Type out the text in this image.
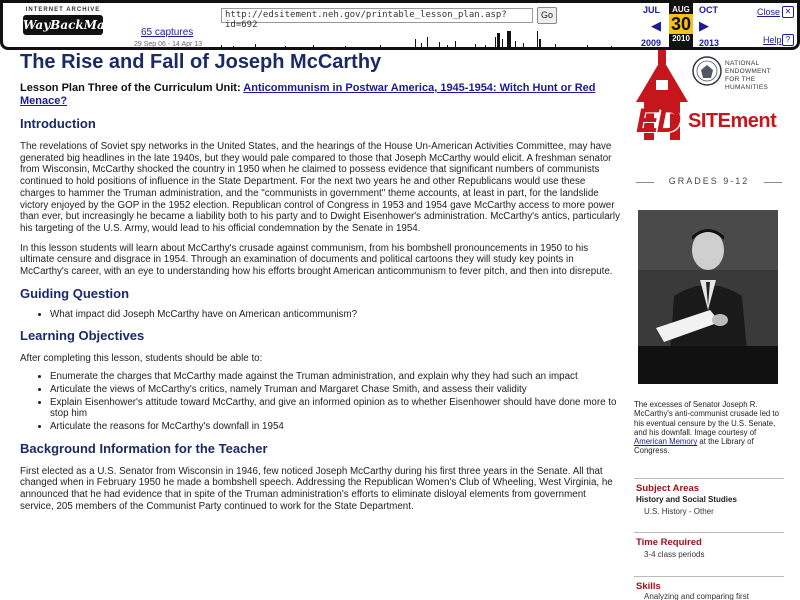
INTERNET ARCHIVE
WayBackMachine
65 captures
29 Sep 06 - 14 Apr 13
http://edsitement.neh.gov/printable_lesson_plan.asp?id=692
Go	JUL
◀
AUG
30
2010
▶
OCT
2009	2013
Close ✕
Help ?
The Rise and Fall of Joseph McCarthy
Lesson Plan Three of the Curriculum Unit: Anticommunism in Postwar America, 1945-1954: Witch Hunt or Red Menace?
Introduction

The revelations of Soviet spy networks in the United States, and the hearings of the House Un-American Activities Committee, may have generated big headlines in the late 1940s, but they would pale compared to those that Joseph McCarthy would elicit. A freshman senator from Wisconsin, McCarthy shocked the country in 1950 when he claimed to possess evidence that significant numbers of communists continued to hold positions of influence in the State Department. For the next two years he and other Republicans would use these charges to hammer the Truman administration, and the "communists in government" theme accounts, at least in part, for the landslide victory enjoyed by the GOP in the 1952 election. Republican control of Congress in 1953 and 1954 gave McCarthy access to more power than ever, but increasingly he became a liability both to his party and to Dwight Eisenhower's administration. McCarthy's antics, particularly his targeting of the U.S. Army, would lead to his official condemnation by the Senate in 1954.

In this lesson students will learn about McCarthy's crusade against communism, from his bombshell pronouncements in 1950 to his ultimate censure and disgrace in 1954. Through an examination of documents and political cartoons they will study key points in McCarthy's career, with an eye to understanding how his efforts brought American anticommunism to fever pitch, and then into disrepute.

Guiding Question
• What impact did Joseph McCarthy have on American anticommunism?
Learning Objectives

After completing this lesson, students should be able to:

• Enumerate the charges that McCarthy made against the Truman administration, and explain why they had such an impact
• Articulate the views of McCarthy's critics, namely Truman and Margaret Chase Smith, and assess their validity
• Explain Eisenhower's attitude toward McCarthy, and give an informed opinion as to whether Eisenhower should have done more to stop him
• Articulate the reasons for McCarthy's downfall in 1954
Background Information for the Teacher

First elected as a U.S. Senator from Wisconsin in 1946, few noticed Joseph McCarthy during his first three years in the Senate. All that changed when in February 1950 he made a bombshell speech. Addressing the Republican Women's Club of Wheeling, West Virginia, he announced that he had evidence that in spite of the Truman administration's efforts to eliminate disloyal elements from government service, 205 members of the Communist Party continued to work for the State Department.

ED SITEment
NATIONAL
ENDOWMENT
FOR THE
HUMANITIES
GRADES 9-12
The excesses of Senator Joseph R. McCarthy's anti-communist crusade led to his eventual censure by the U.S. Senate, and his downfall. Image courtesy of American Memory at the Library of Congress.
Subject Areas
History and Social Studies
U.S. History - Other
Time Required
3-4 class periods
Skills
Analyzing and comparing first
